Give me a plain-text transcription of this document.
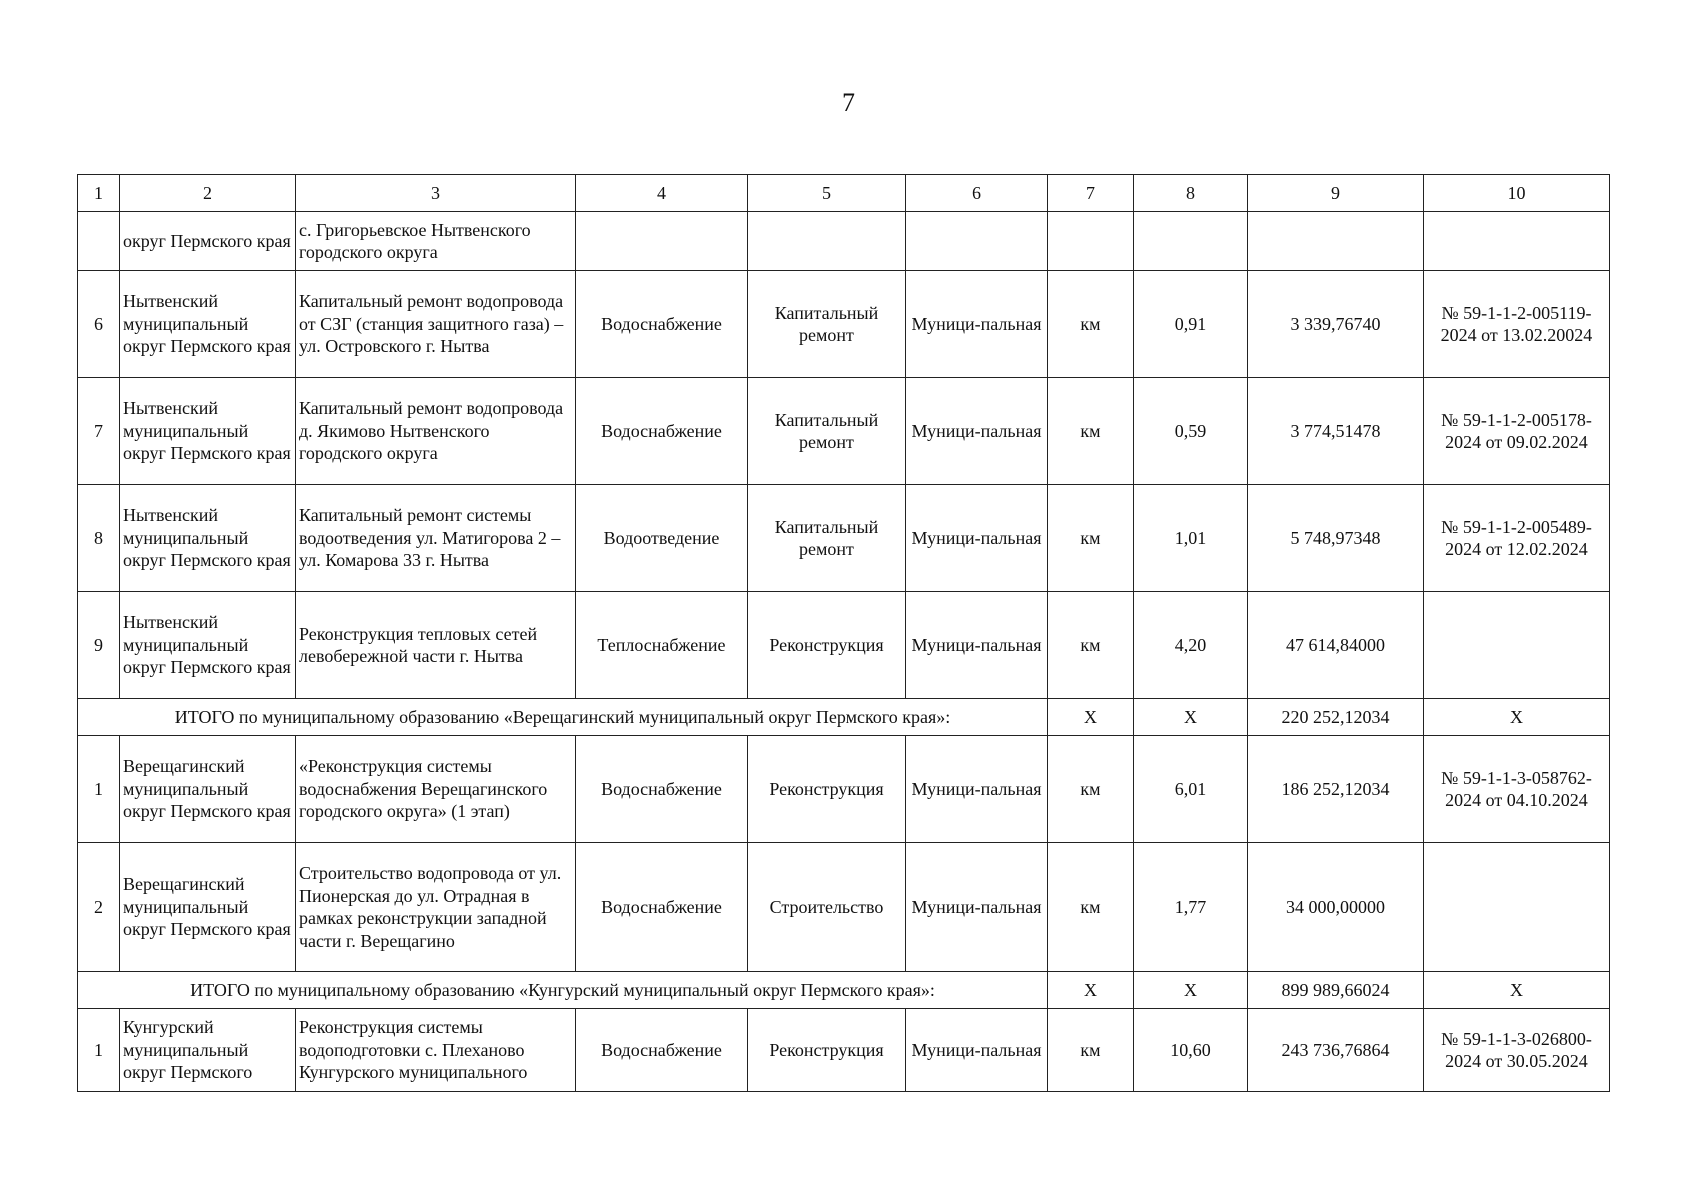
7
1	2	3	4	5	6	7	8	9	10
	округ Пермского края	с. Григорьевское Нытвенского городского округа							
6	Нытвенский муниципальный округ Пермского края	Капитальный ремонт водопровода от СЗГ (станция защитного газа) – ул. Островского г. Нытва	Водоснабжение	Капитальный ремонт	Муници-пальная	км	0,91	3 339,76740	№ 59-1-1-2-005119-2024 от 13.02.20024
7	Нытвенский муниципальный округ Пермского края	Капитальный ремонт водопровода д. Якимово Нытвенского городского округа	Водоснабжение	Капитальный ремонт	Муници-пальная	км	0,59	3 774,51478	№ 59-1-1-2-005178-2024 от 09.02.2024
8	Нытвенский муниципальный округ Пермского края	Капитальный ремонт системы водоотведения ул. Матигорова 2 – ул. Комарова 33 г. Нытва	Водоотведение	Капитальный ремонт	Муници-пальная	км	1,01	5 748,97348	№ 59-1-1-2-005489-2024 от 12.02.2024
9	Нытвенский муниципальный округ Пермского края	Реконструкция тепловых сетей левобережной части г. Нытва	Теплоснабжение	Реконструкция	Муници-пальная	км	4,20	47 614,84000	
ИТОГО по муниципальному образованию «Верещагинский муниципальный округ Пермского края»:						Х	Х	220 252,12034	Х
1	Верещагинский муниципальный округ Пермского края	«Реконструкция системы водоснабжения Верещагинского городского округа» (1 этап)	Водоснабжение	Реконструкция	Муници-пальная	км	6,01	186 252,12034	№ 59-1-1-3-058762-2024 от 04.10.2024
2	Верещагинский муниципальный округ Пермского края	Строительство водопровода от ул. Пионерская до ул. Отрадная в рамках реконструкции западной части г. Верещагино	Водоснабжение	Строительство	Муници-пальная	км	1,77	34 000,00000	
ИТОГО по муниципальному образованию «Кунгурский муниципальный округ Пермского края»:						Х	Х	899 989,66024	Х
1	Кунгурский муниципальный округ Пермского	Реконструкция системы водоподготовки с. Плеханово Кунгурского муниципального	Водоснабжение	Реконструкция	Муници-пальная	км	10,60	243 736,76864	№ 59-1-1-3-026800-2024 от 30.05.2024
